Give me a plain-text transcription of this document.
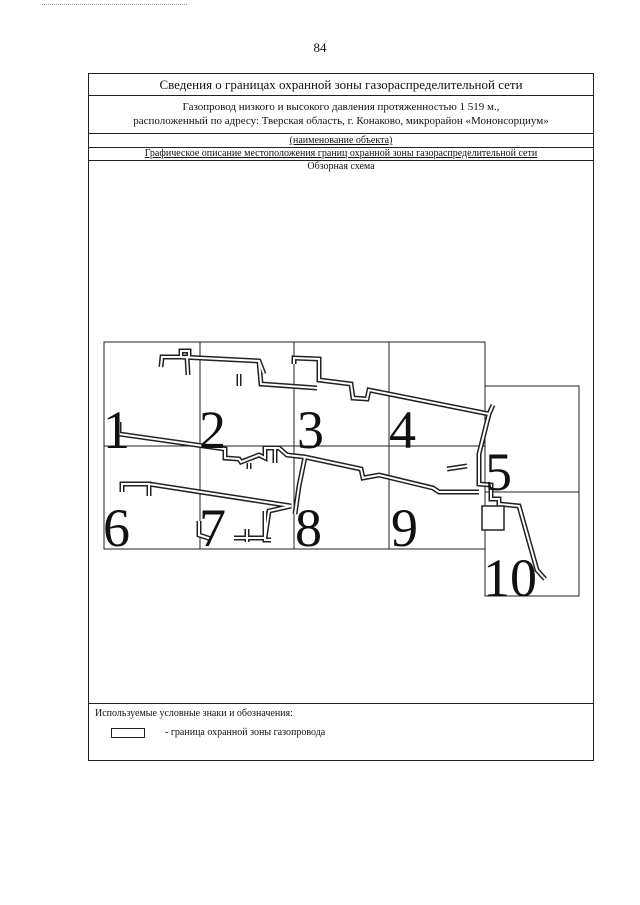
84
Сведения о границах охранной зоны газораспределительной сети
Газопровод низкого и высокого давления протяженностью 1 519 м.,
расположенный по адресу: Тверская область, г. Конаково, микрорайон «Мононсорциум»
(наименование объекта)
Графическое описание местоположения границ охранной зоны газораспределительной сети
Обзорная схема
1 2 3 4
5
6 7 8 9
10
Используемые условные знаки и обозначения:
- граница охранной зоны газопровода
